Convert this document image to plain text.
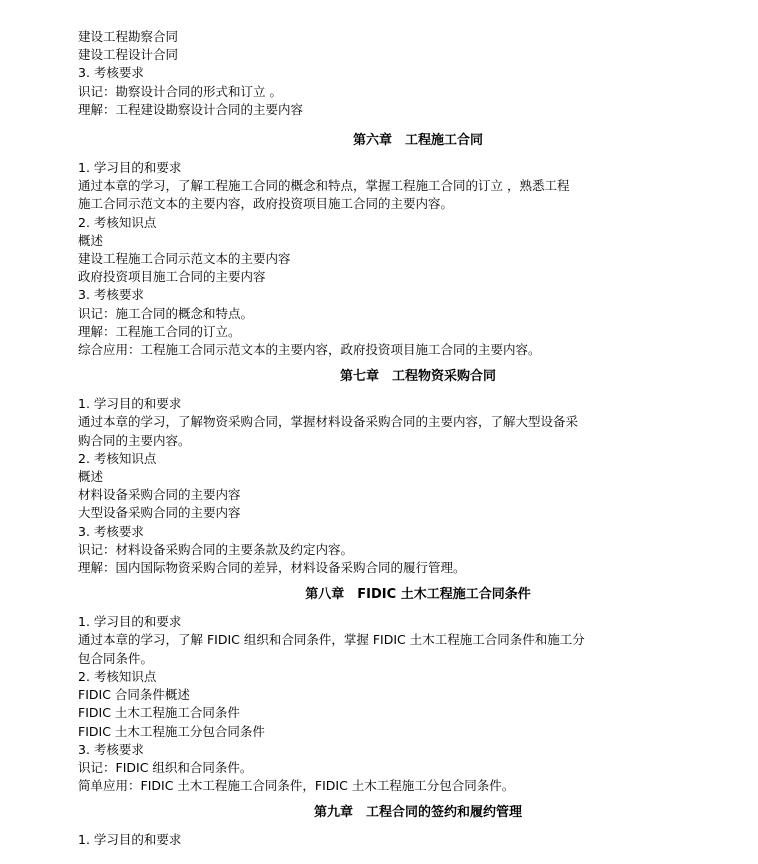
建设工程勘察合同
建设工程设计合同
3. 考核要求
识记：勘察设计合同的形式和订立 。
理解：工程建设勘察设计合同的主要内容
第六章　工程施工合同
1. 学习目的和要求
通过本章的学习，了解工程施工合同的概念和特点，掌握工程施工合同的订立 ，熟悉工程
施工合同示范文本的主要内容，政府投资项目施工合同的主要内容。
2. 考核知识点
概述
建设工程施工合同示范文本的主要内容
政府投资项目施工合同的主要内容
3. 考核要求
识记：施工合同的概念和特点。
理解：工程施工合同的订立。
综合应用：工程施工合同示范文本的主要内容，政府投资项目施工合同的主要内容。
第七章　工程物资采购合同
1. 学习目的和要求
通过本章的学习，了解物资采购合同，掌握材料设备采购合同的主要内容，了解大型设备采
购合同的主要内容。
2. 考核知识点
概述
材料设备采购合同的主要内容
大型设备采购合同的主要内容
3. 考核要求
识记：材料设备采购合同的主要条款及约定内容。
理解：国内国际物资采购合同的差异，材料设备采购合同的履行管理。
第八章　FIDIC 土木工程施工合同条件
1. 学习目的和要求
通过本章的学习，了解 FIDIC 组织和合同条件，掌握 FIDIC 土木工程施工合同条件和施工分
包合同条件。
2. 考核知识点
FIDIC 合同条件概述
FIDIC 土木工程施工合同条件
FIDIC 土木工程施工分包合同条件
3. 考核要求
识记：FIDIC 组织和合同条件。
简单应用：FIDIC 土木工程施工合同条件，FIDIC 土木工程施工分包合同条件。
第九章　工程合同的签约和履约管理
1. 学习目的和要求
